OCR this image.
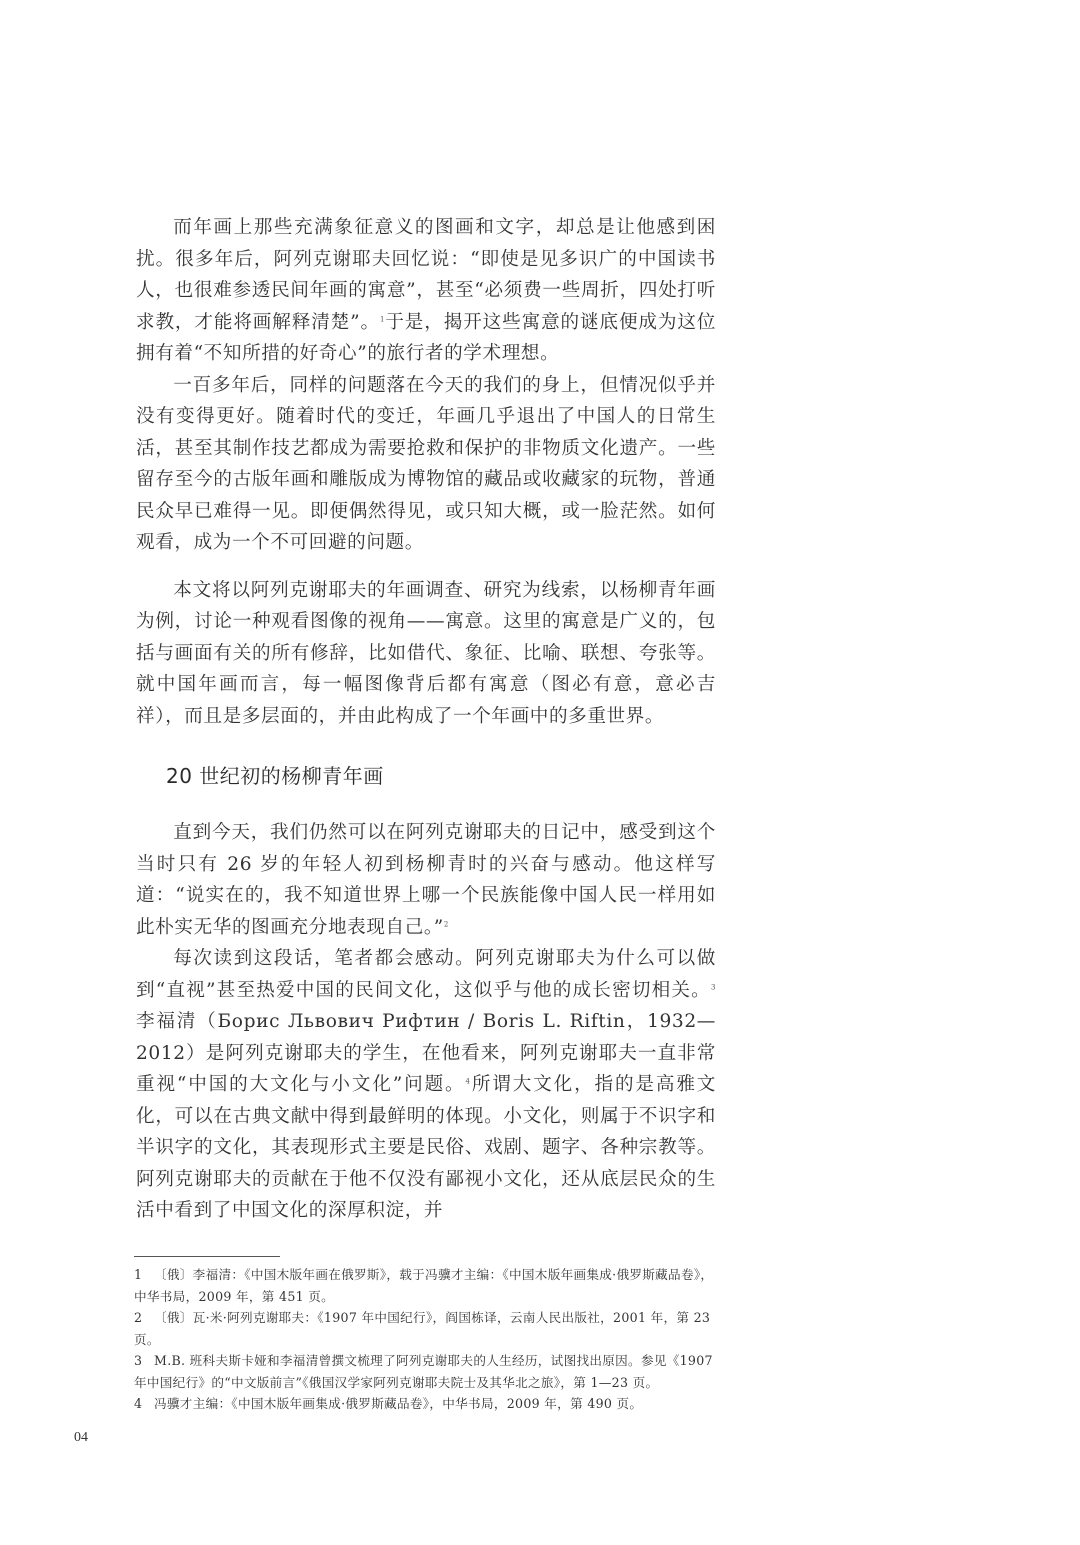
而年画上那些充满象征意义的图画和文字，却总是让他感到困扰。很多年后，阿列克谢耶夫回忆说：“即使是见多识广的中国读书人，也很难参透民间年画的寓意”，甚至“必须费一些周折，四处打听求教，才能将画解释清楚”。$^1$于是，揭开这些寓意的谜底便成为这位拥有着“不知所措的好奇心”的旅行者的学术理想。

一百多年后，同样的问题落在今天的我们的身上，但情况似乎并没有变得更好。随着时代的变迁，年画几乎退出了中国人的日常生活，甚至其制作技艺都成为需要抢救和保护的非物质文化遗产。一些留存至今的古版年画和雕版成为博物馆的藏品或收藏家的玩物，普通民众早已难得一见。即便偶然得见，或只知大概，或一脸茫然。如何观看，成为一个不可回避的问题。

本文将以阿列克谢耶夫的年画调查、研究为线索，以杨柳青年画为例，讨论一种观看图像的视角——寓意。这里的寓意是广义的，包括与画面有关的所有修辞，比如借代、象征、比喻、联想、夸张等。就中国年画而言，每一幅图像背后都有寓意（图必有意，意必吉祥），而且是多层面的，并由此构成了一个年画中的多重世界。

20 世纪初的杨柳青年画

直到今天，我们仍然可以在阿列克谢耶夫的日记中，感受到这个当时只有 26 岁的年轻人初到杨柳青时的兴奋与感动。他这样写道：“说实在的，我不知道世界上哪一个民族能像中国人民一样用如此朴实无华的图画充分地表现自己。”$^2$

每次读到这段话，笔者都会感动。阿列克谢耶夫为什么可以做到“直视”甚至热爱中国的民间文化，这似乎与他的成长密切相关。$^3$李福清（Борис Львович Рифтин / Boris L. Riftin，1932—2012）是阿列克谢耶夫的学生，在他看来，阿列克谢耶夫一直非常重视“中国的大文化与小文化”问题。$^4$所谓大文化，指的是高雅文化，可以在古典文献中得到最鲜明的体现。小文化，则属于不识字和半识字的文化，其表现形式主要是民俗、戏剧、题字、各种宗教等。阿列克谢耶夫的贡献在于他不仅没有鄙视小文化，还从底层民众的生活中看到了中国文化的深厚积淀，并

1 〔俄〕李福清：《中国木版年画在俄罗斯》，载于冯骥才主编：《中国木版年画集成·俄罗斯藏品卷》，中华书局，2009 年，第 451 页。

2 〔俄〕瓦·米·阿列克谢耶夫：《1907 年中国纪行》，阎国栋译，云南人民出版社，2001 年，第 23 页。

3 M.B. 班科夫斯卡娅和李福清曾撰文梳理了阿列克谢耶夫的人生经历，试图找出原因。参见《1907 年中国纪行》的“中文版前言”《俄国汉学家阿列克谢耶夫院士及其华北之旅》，第 1—23 页。

4 冯骥才主编：《中国木版年画集成·俄罗斯藏品卷》，中华书局，2009 年，第 490 页。

04
